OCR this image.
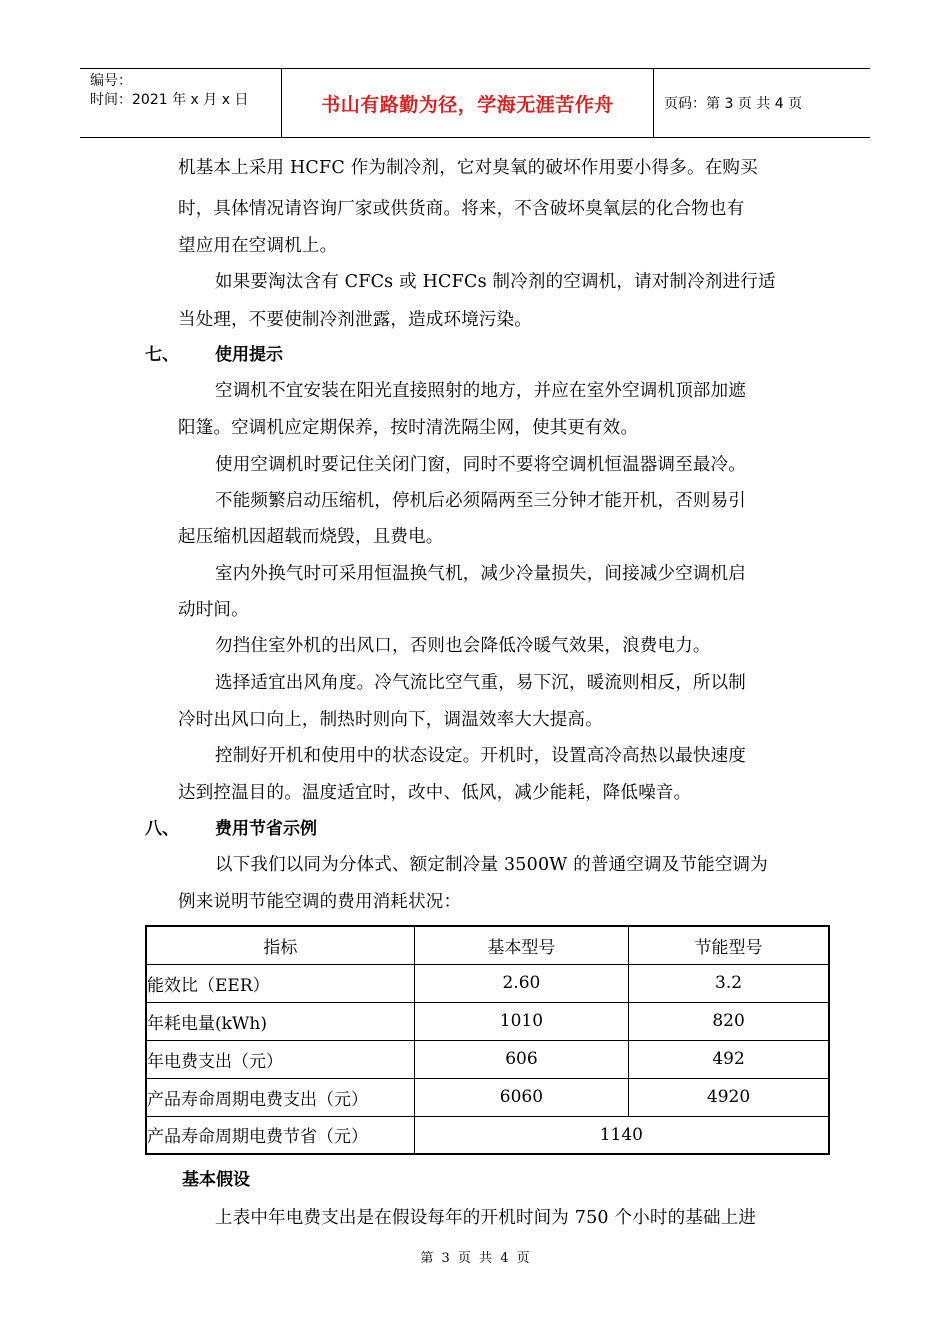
编号：
时间：2021 年 x 月 x 日	书山有路勤为径，学海无涯苦作舟	页码：第 3 页 共 4 页
机基本上采用 HCFC 作为制冷剂，它对臭氧的破坏作用要小得多。在购买
时，具体情况请咨询厂家或供货商。将来，不含破坏臭氧层的化合物也有
望应用在空调机上。
如果要淘汰含有 CFCs 或 HCFCs 制冷剂的空调机，请对制冷剂进行适
当处理，不要使制冷剂泄露，造成环境污染。
七、 使用提示
空调机不宜安装在阳光直接照射的地方，并应在室外空调机顶部加遮
阳篷。空调机应定期保养，按时清洗隔尘网，使其更有效。
使用空调机时要记住关闭门窗，同时不要将空调机恒温器调至最冷。
不能频繁启动压缩机，停机后必须隔两至三分钟才能开机，否则易引
起压缩机因超载而烧毁，且费电。
室内外换气时可采用恒温换气机，减少冷量损失，间接减少空调机启
动时间。
勿挡住室外机的出风口，否则也会降低冷暖气效果，浪费电力。
选择适宜出风角度。冷气流比空气重，易下沉，暖流则相反，所以制
冷时出风口向上，制热时则向下，调温效率大大提高。
控制好开机和使用中的状态设定。开机时，设置高冷高热以最快速度
达到控温目的。温度适宜时，改中、低风，减少能耗，降低噪音。
八、 费用节省示例
以下我们以同为分体式、额定制冷量 3500W 的普通空调及节能空调为
例来说明节能空调的费用消耗状况：
指标	基本型号	节能型号
能效比（EER）	2.60	3.2
年耗电量(kWh)	1010	820
年电费支出（元）	606	492
产品寿命周期电费支出（元）	6060	4920
产品寿命周期电费节省（元）	1140	
基本假设
上表中年电费支出是在假设每年的开机时间为 750 个小时的基础上进
第 3 页 共 4 页
